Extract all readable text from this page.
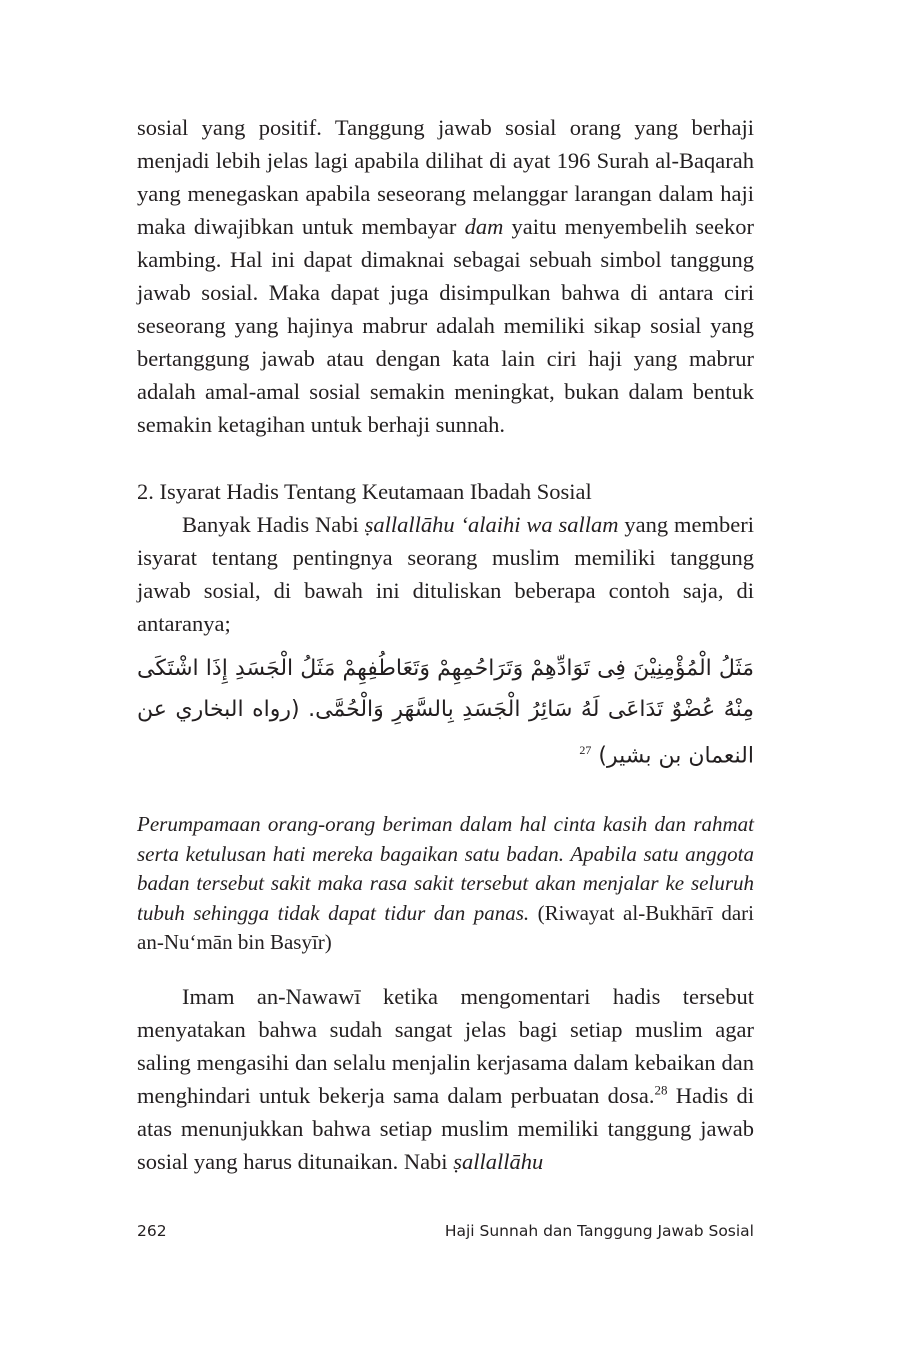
sosial yang positif. Tanggung jawab sosial orang yang berhaji menjadi lebih jelas lagi apabila dilihat di ayat 196 Surah al-Baqarah yang menegaskan apabila seseorang melanggar larangan dalam haji maka diwajibkan untuk membayar dam yaitu menyembelih seekor kambing. Hal ini dapat dimaknai sebagai sebuah simbol tanggung jawab sosial. Maka dapat juga disimpulkan bahwa di antara ciri seseorang yang hajinya mabrur adalah memiliki sikap sosial yang bertanggung jawab atau dengan kata lain ciri haji yang mabrur adalah amal-amal sosial semakin meningkat, bukan dalam bentuk semakin ketagihan untuk berhaji sunnah.

2. Isyarat Hadis Tentang Keutamaan Ibadah Sosial

Banyak Hadis Nabi ṣallallāhu ‘alaihi wa sallam yang memberi isyarat tentang pentingnya seorang muslim memiliki tanggung jawab sosial, di bawah ini dituliskan beberapa contoh saja, di antaranya;

مَثَلُ الْمُؤْمِنِيْنَ فِى تَوَادِّهِمْ وَتَرَاحُمِهِمْ وَتَعَاطُفِهِمْ مَثَلُ الْجَسَدِ إِذَا اشْتَكَى مِنْهُ عُضْوٌ تَدَاعَى لَهُ سَائِرُ الْجَسَدِ بِالسَّهَرِ وَالْحُمَّى. (رواه البخاري عن النعمان بن بشير) $^{27}$

Perumpamaan orang-orang beriman dalam hal cinta kasih dan rahmat serta ketulusan hati mereka bagaikan satu badan. Apabila satu anggota badan tersebut sakit maka rasa sakit tersebut akan menjalar ke seluruh tubuh sehingga tidak dapat tidur dan panas. (Riwayat al-Bukhārī dari an-Nu‘mān bin Basyīr)

Imam an-Nawawī ketika mengomentari hadis tersebut menyatakan bahwa sudah sangat jelas bagi setiap muslim agar saling mengasihi dan selalu menjalin kerjasama dalam kebaikan dan menghindari untuk bekerja sama dalam perbuatan dosa.$^{28}$ Hadis di atas menunjukkan bahwa setiap muslim memiliki tanggung jawab sosial yang harus ditunaikan. Nabi ṣallallāhu

262	Haji Sunnah dan Tanggung Jawab Sosial
